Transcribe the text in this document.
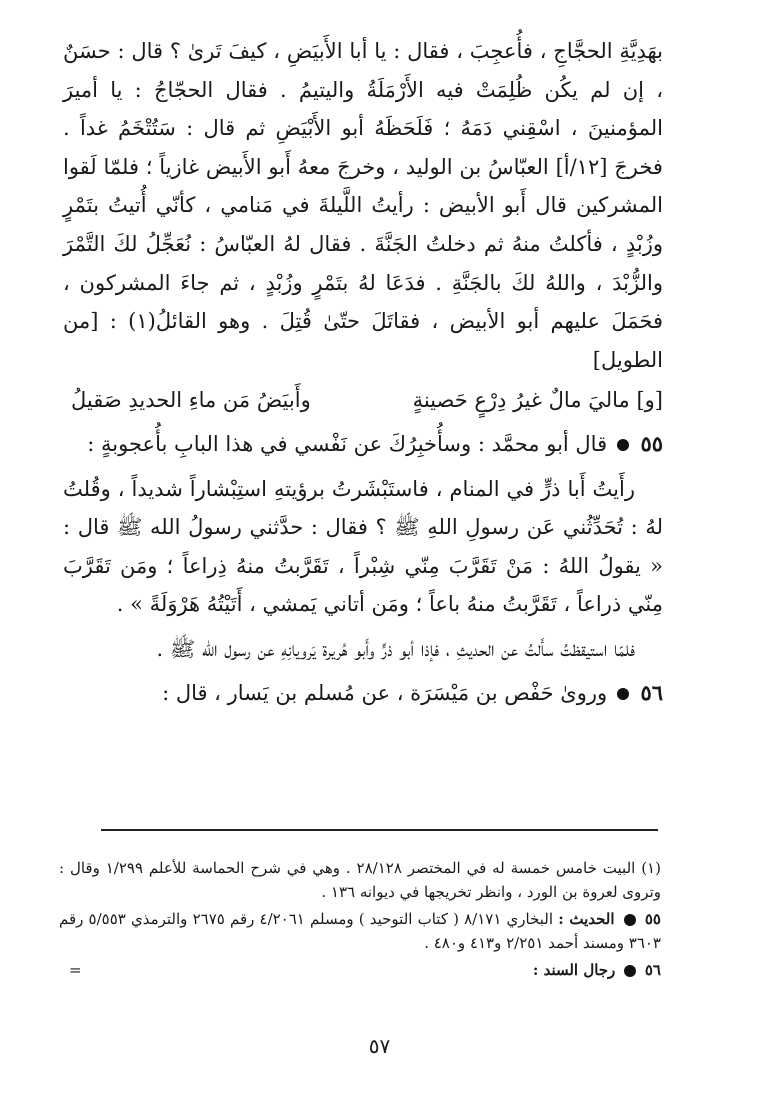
بهَدِيَّةِ الحجَّاجِ ، فأُعجِبَ ، فقال : يا أبا الأَبيَضِ ، كيفَ تَرىٰ ؟ قال : حسَنٌ ، إن لم يكُن ظُلِمَتْ فيه الأَرْمَلَةُ واليتيمُ . فقال الحجّاجُ : يا أميرَ المؤمنينَ ، اسْقِني دَمَهُ ؛ فَلَحَظَهُ أبو الأَبْيَضِ ثم قال : سَتُتْخَمُ غداً . فخرجَ [١٢/أ] العبّاسُ بن الوليد ، وخرجَ معهُ أَبو الأَبيض غازياً ؛ فلمّا لَقوا المشركين قال أَبو الأبيض : رأيتُ اللَّيلةَ في مَنامي ، كأنّي أُتيتُ بتَمْرٍ وزُبْدٍ ، فأكلتُ منهُ ثم دخلتُ الجَنَّةَ . فقال لهُ العبّاسُ : نُعَجِّلُ لكَ التَّمْرَ والزُّبْدَ ، واللهُ لكَ بالجَنَّةِ . فدَعَا لهُ بتَمْرٍ وزُبْدٍ ، ثم جاءَ المشركون ، فحَمَلَ عليهم أبو الأبيض ، فقاتَلَ حتّىٰ قُتِلَ . وهو القائلُ(١) : [من الطويل]

[و] ماليَ مالٌ غيرُ دِرْعٍ حَصينةٍ
وأَبيَضُ مَن ماءِ الحديدِ صَقيلُ
٥٥
قال أبو محمَّد : وسأُخبِرُكَ عن نَفْسي في هذا البابِ بأُعجوبةٍ :

رأَيتُ أَبا ذرٍّ في المنام ، فاستَبْشَرتُ برؤيتهِ استِبْشاراً شديداً ، وقُلتُ لهُ : تُحَدِّثُني عَن رسولِ اللهِ ﷺ ؟ فقال : حدَّثني رسولُ الله ﷺ قال : « يقولُ اللهُ : مَنْ تَقَرَّبَ مِنّي شِبْراً ، تَقَرَّبتُ منهُ ذِراعاً ؛ ومَن تَقَرَّبَ مِنّي ذراعاً ، تَقَرَّبتُ منهُ باعاً ؛ ومَن أتاني يَمشي ، أَتَيْتُهُ هَرْوَلَةً » .

فلمّا استيقظتُ سأَلتُ عن الحديثِ ، فإذا أبو ذرٍّ وأَبو هُريرة يَرويانِهِ عن رسول الله ﷺ .

٥٦
وروىٰ حَفْص بن مَيْسَرَة ، عن مُسلم بن يَسار ، قال :

(١) البيت خامس خمسة له في المختصر ٢٨/١٢٨ . وهي في شرح الحماسة للأعلم ١/٢٩٩ وقال : وتروى لعروة بن الورد ، وانظر تخريجها في ديوانه ١٣٦ .

٥٥  الحديث : البخاري ٨/١٧١ ( كتاب التوحيد ) ومسلم ٤/٢٠٦١ رقم ٢٦٧٥ والترمذي ٥/٥٥٣ رقم ٣٦٠٣ ومسند أحمد ٢/٢٥١ و٤١٣ و٤٨٠ .

٥٦  رجال السند :
=

٥٧
